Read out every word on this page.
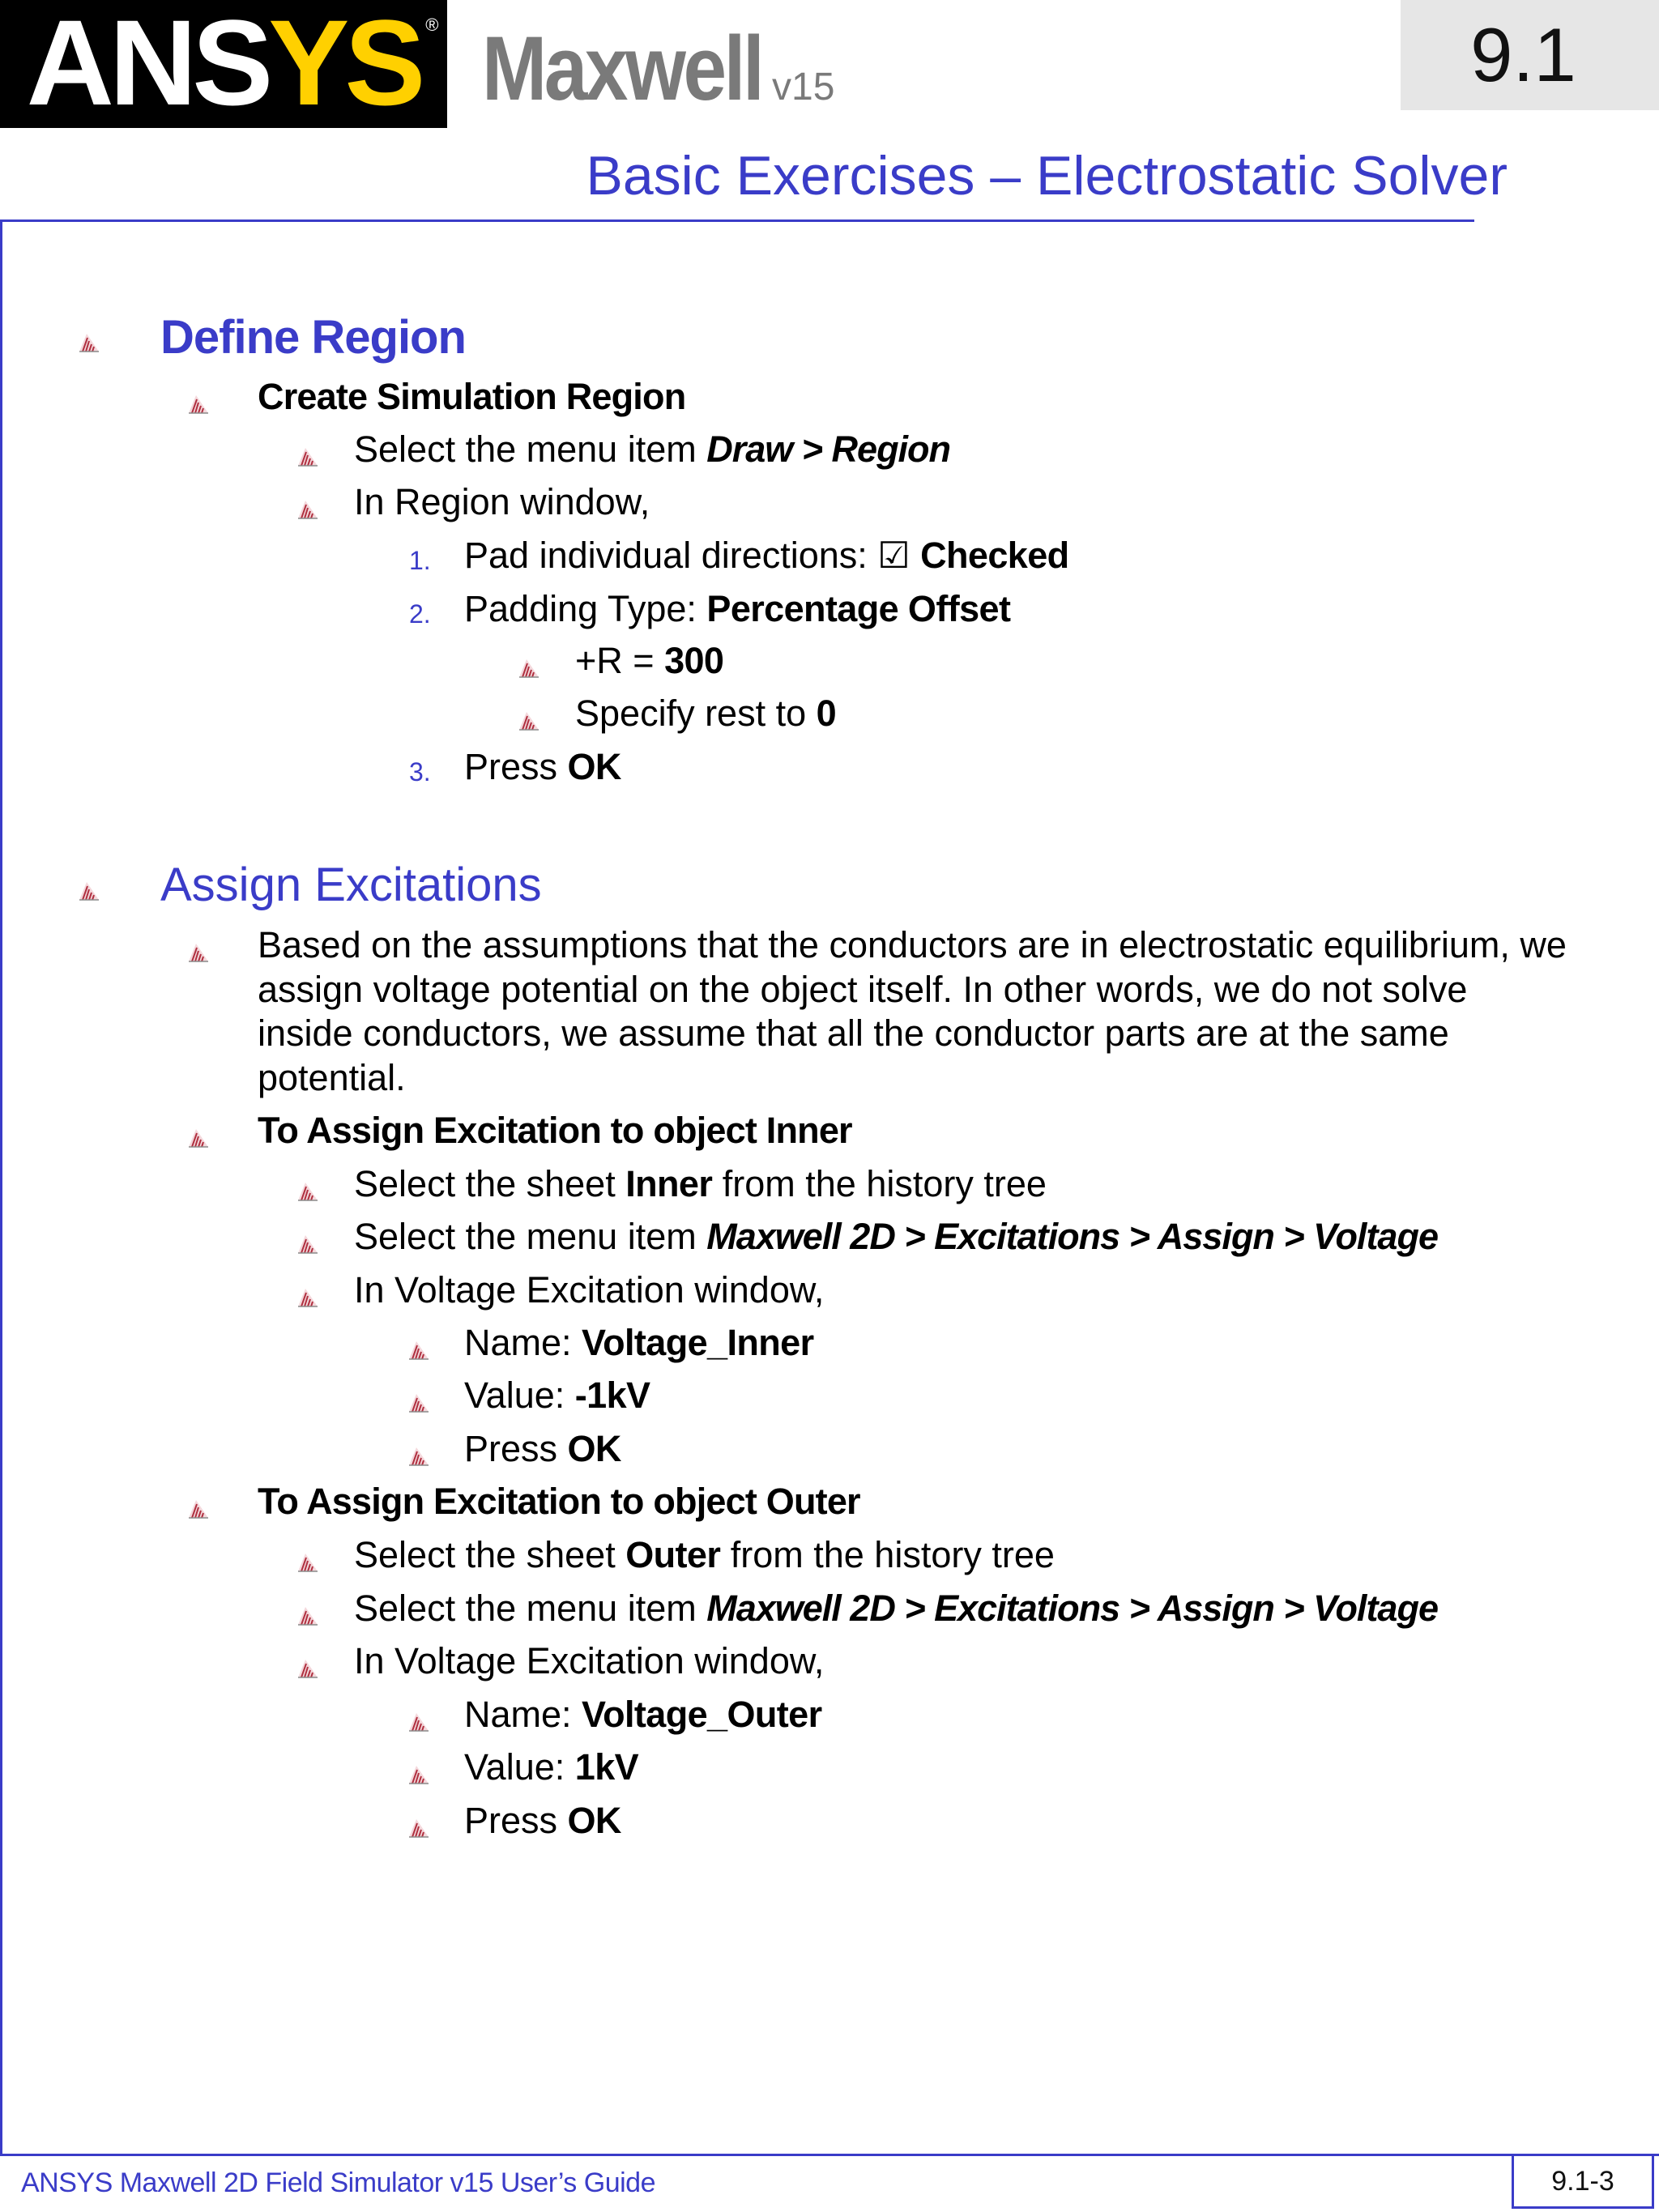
ANSYS ® Maxwell v15	9.1
Basic Exercises – Electrostatic Solver
Define Region
Create Simulation Region
Select the menu item Draw > Region
In Region window,
1. Pad individual directions: ☑ Checked
2. Padding Type: Percentage Offset
+R = 300
Specify rest to 0
3. Press OK
Assign Excitations
Based on the assumptions that the conductors are in electrostatic equilibrium, we
assign voltage potential on the object itself. In other words, we do not solve
inside conductors, we assume that all the conductor parts are at the same
potential.
To Assign Excitation to object Inner
Select the sheet Inner from the history tree
Select the menu item Maxwell 2D > Excitations > Assign > Voltage
In Voltage Excitation window,
Name: Voltage_Inner
Value: -1kV
Press OK
To Assign Excitation to object Outer
Select the sheet Outer from the history tree
Select the menu item Maxwell 2D > Excitations > Assign > Voltage
In Voltage Excitation window,
Name: Voltage_Outer
Value: 1kV
Press OK
ANSYS Maxwell 2D Field Simulator v15 User’s Guide	9.1-3
